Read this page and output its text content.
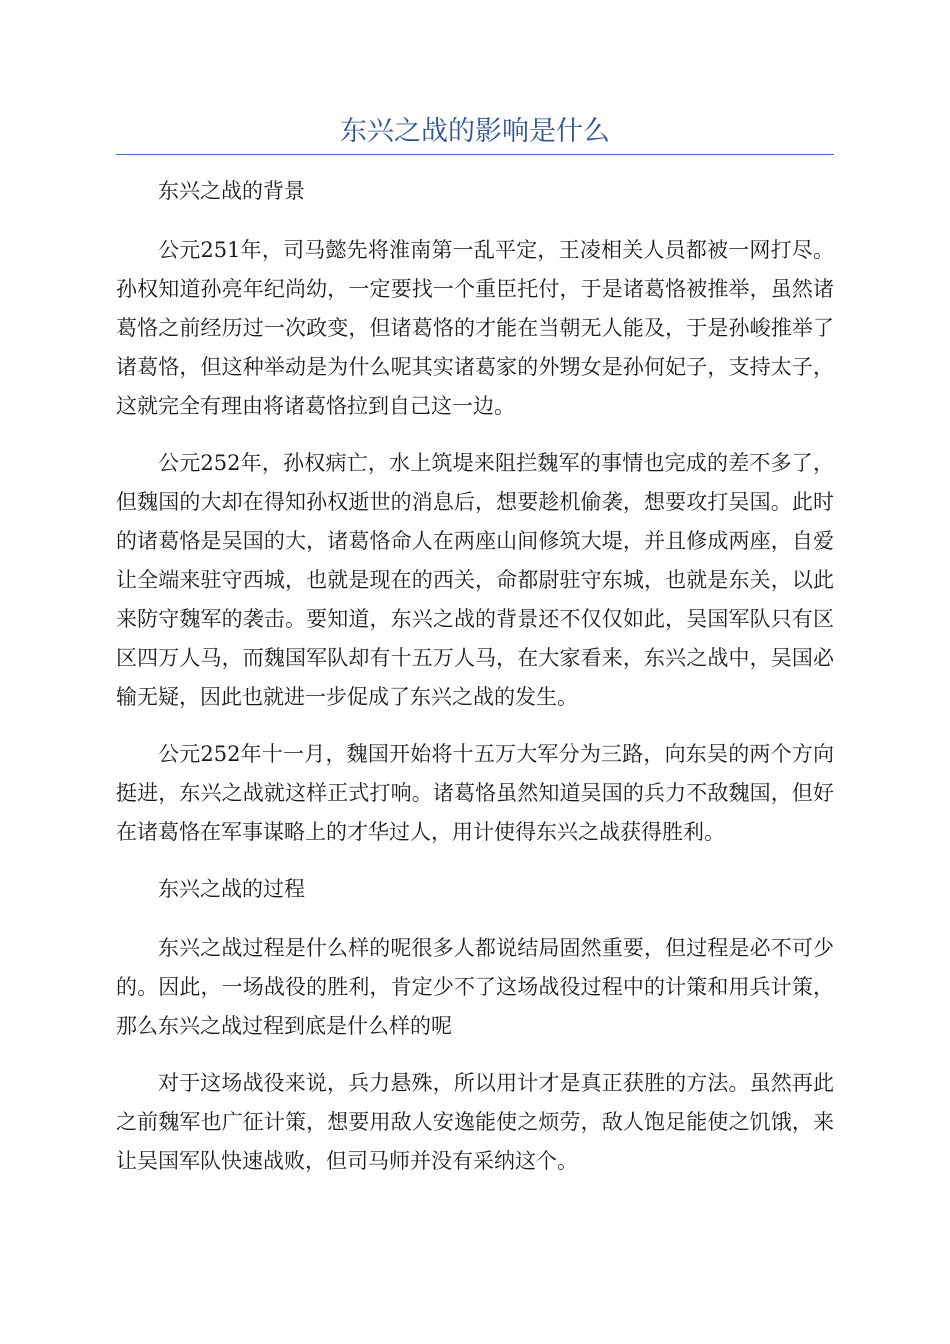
东兴之战的影响是什么

东兴之战的背景

公元251年，司马懿先将淮南第一乱平定，王凌相关人员都被一网打尽。孙权知道孙亮年纪尚幼，一定要找一个重臣托付，于是诸葛恪被推举，虽然诸葛恪之前经历过一次政变，但诸葛恪的才能在当朝无人能及，于是孙峻推举了诸葛恪，但这种举动是为什么呢其实诸葛家的外甥女是孙何妃子，支持太子，这就完全有理由将诸葛恪拉到自己这一边。

公元252年，孙权病亡，水上筑堤来阻拦魏军的事情也完成的差不多了，但魏国的大却在得知孙权逝世的消息后，想要趁机偷袭，想要攻打吴国。此时的诸葛恪是吴国的大，诸葛恪命人在两座山间修筑大堤，并且修成两座，自爱让全端来驻守西城，也就是现在的西关，命都尉驻守东城，也就是东关，以此来防守魏军的袭击。要知道，东兴之战的背景还不仅仅如此，吴国军队只有区区四万人马，而魏国军队却有十五万人马，在大家看来，东兴之战中，吴国必输无疑，因此也就进一步促成了东兴之战的发生。

公元252年十一月，魏国开始将十五万大军分为三路，向东吴的两个方向挺进，东兴之战就这样正式打响。诸葛恪虽然知道吴国的兵力不敌魏国，但好在诸葛恪在军事谋略上的才华过人，用计使得东兴之战获得胜利。

东兴之战的过程

东兴之战过程是什么样的呢很多人都说结局固然重要，但过程是必不可少的。因此，一场战役的胜利，肯定少不了这场战役过程中的计策和用兵计策，那么东兴之战过程到底是什么样的呢

对于这场战役来说，兵力悬殊，所以用计才是真正获胜的方法。虽然再此之前魏军也广征计策，想要用敌人安逸能使之烦劳，敌人饱足能使之饥饿，来让吴国军队快速战败，但司马师并没有采纳这个。
